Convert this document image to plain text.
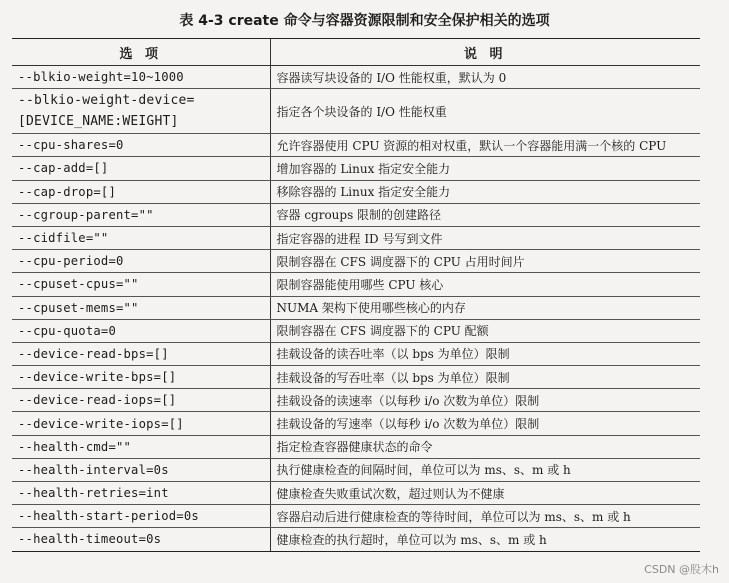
表 4-3 create 命令与容器资源限制和安全保护相关的选项
选 项	说 明
--blkio-weight=10~1000	容器读写块设备的 I/O 性能权重，默认为 0
--blkio-weight-device=[DEVICE_NAME:WEIGHT]	指定各个块设备的 I/O 性能权重
--cpu-shares=0	允许容器使用 CPU 资源的相对权重，默认一个容器能用满一个核的 CPU
--cap-add=[]	增加容器的 Linux 指定安全能力
--cap-drop=[]	移除容器的 Linux 指定安全能力
--cgroup-parent=""	容器 cgroups 限制的创建路径
--cidfile=""	指定容器的进程 ID 号写到文件
--cpu-period=0	限制容器在 CFS 调度器下的 CPU 占用时间片
--cpuset-cpus=""	限制容器能使用哪些 CPU 核心
--cpuset-mems=""	NUMA 架构下使用哪些核心的内存
--cpu-quota=0	限制容器在 CFS 调度器下的 CPU 配额
--device-read-bps=[]	挂载设备的读吞吐率（以 bps 为单位）限制
--device-write-bps=[]	挂载设备的写吞吐率（以 bps 为单位）限制
--device-read-iops=[]	挂载设备的读速率（以每秒 i/o 次数为单位）限制
--device-write-iops=[]	挂载设备的写速率（以每秒 i/o 次数为单位）限制
--health-cmd=""	指定检查容器健康状态的命令
--health-interval=0s	执行健康检查的间隔时间，单位可以为 ms、s、m 或 h
--health-retries=int	健康检查失败重试次数，超过则认为不健康
--health-start-period=0s	容器启动后进行健康检查的等待时间，单位可以为 ms、s、m 或 h
--health-timeout=0s	健康检查的执行超时，单位可以为 ms、s、m 或 h
CSDN @股木h
